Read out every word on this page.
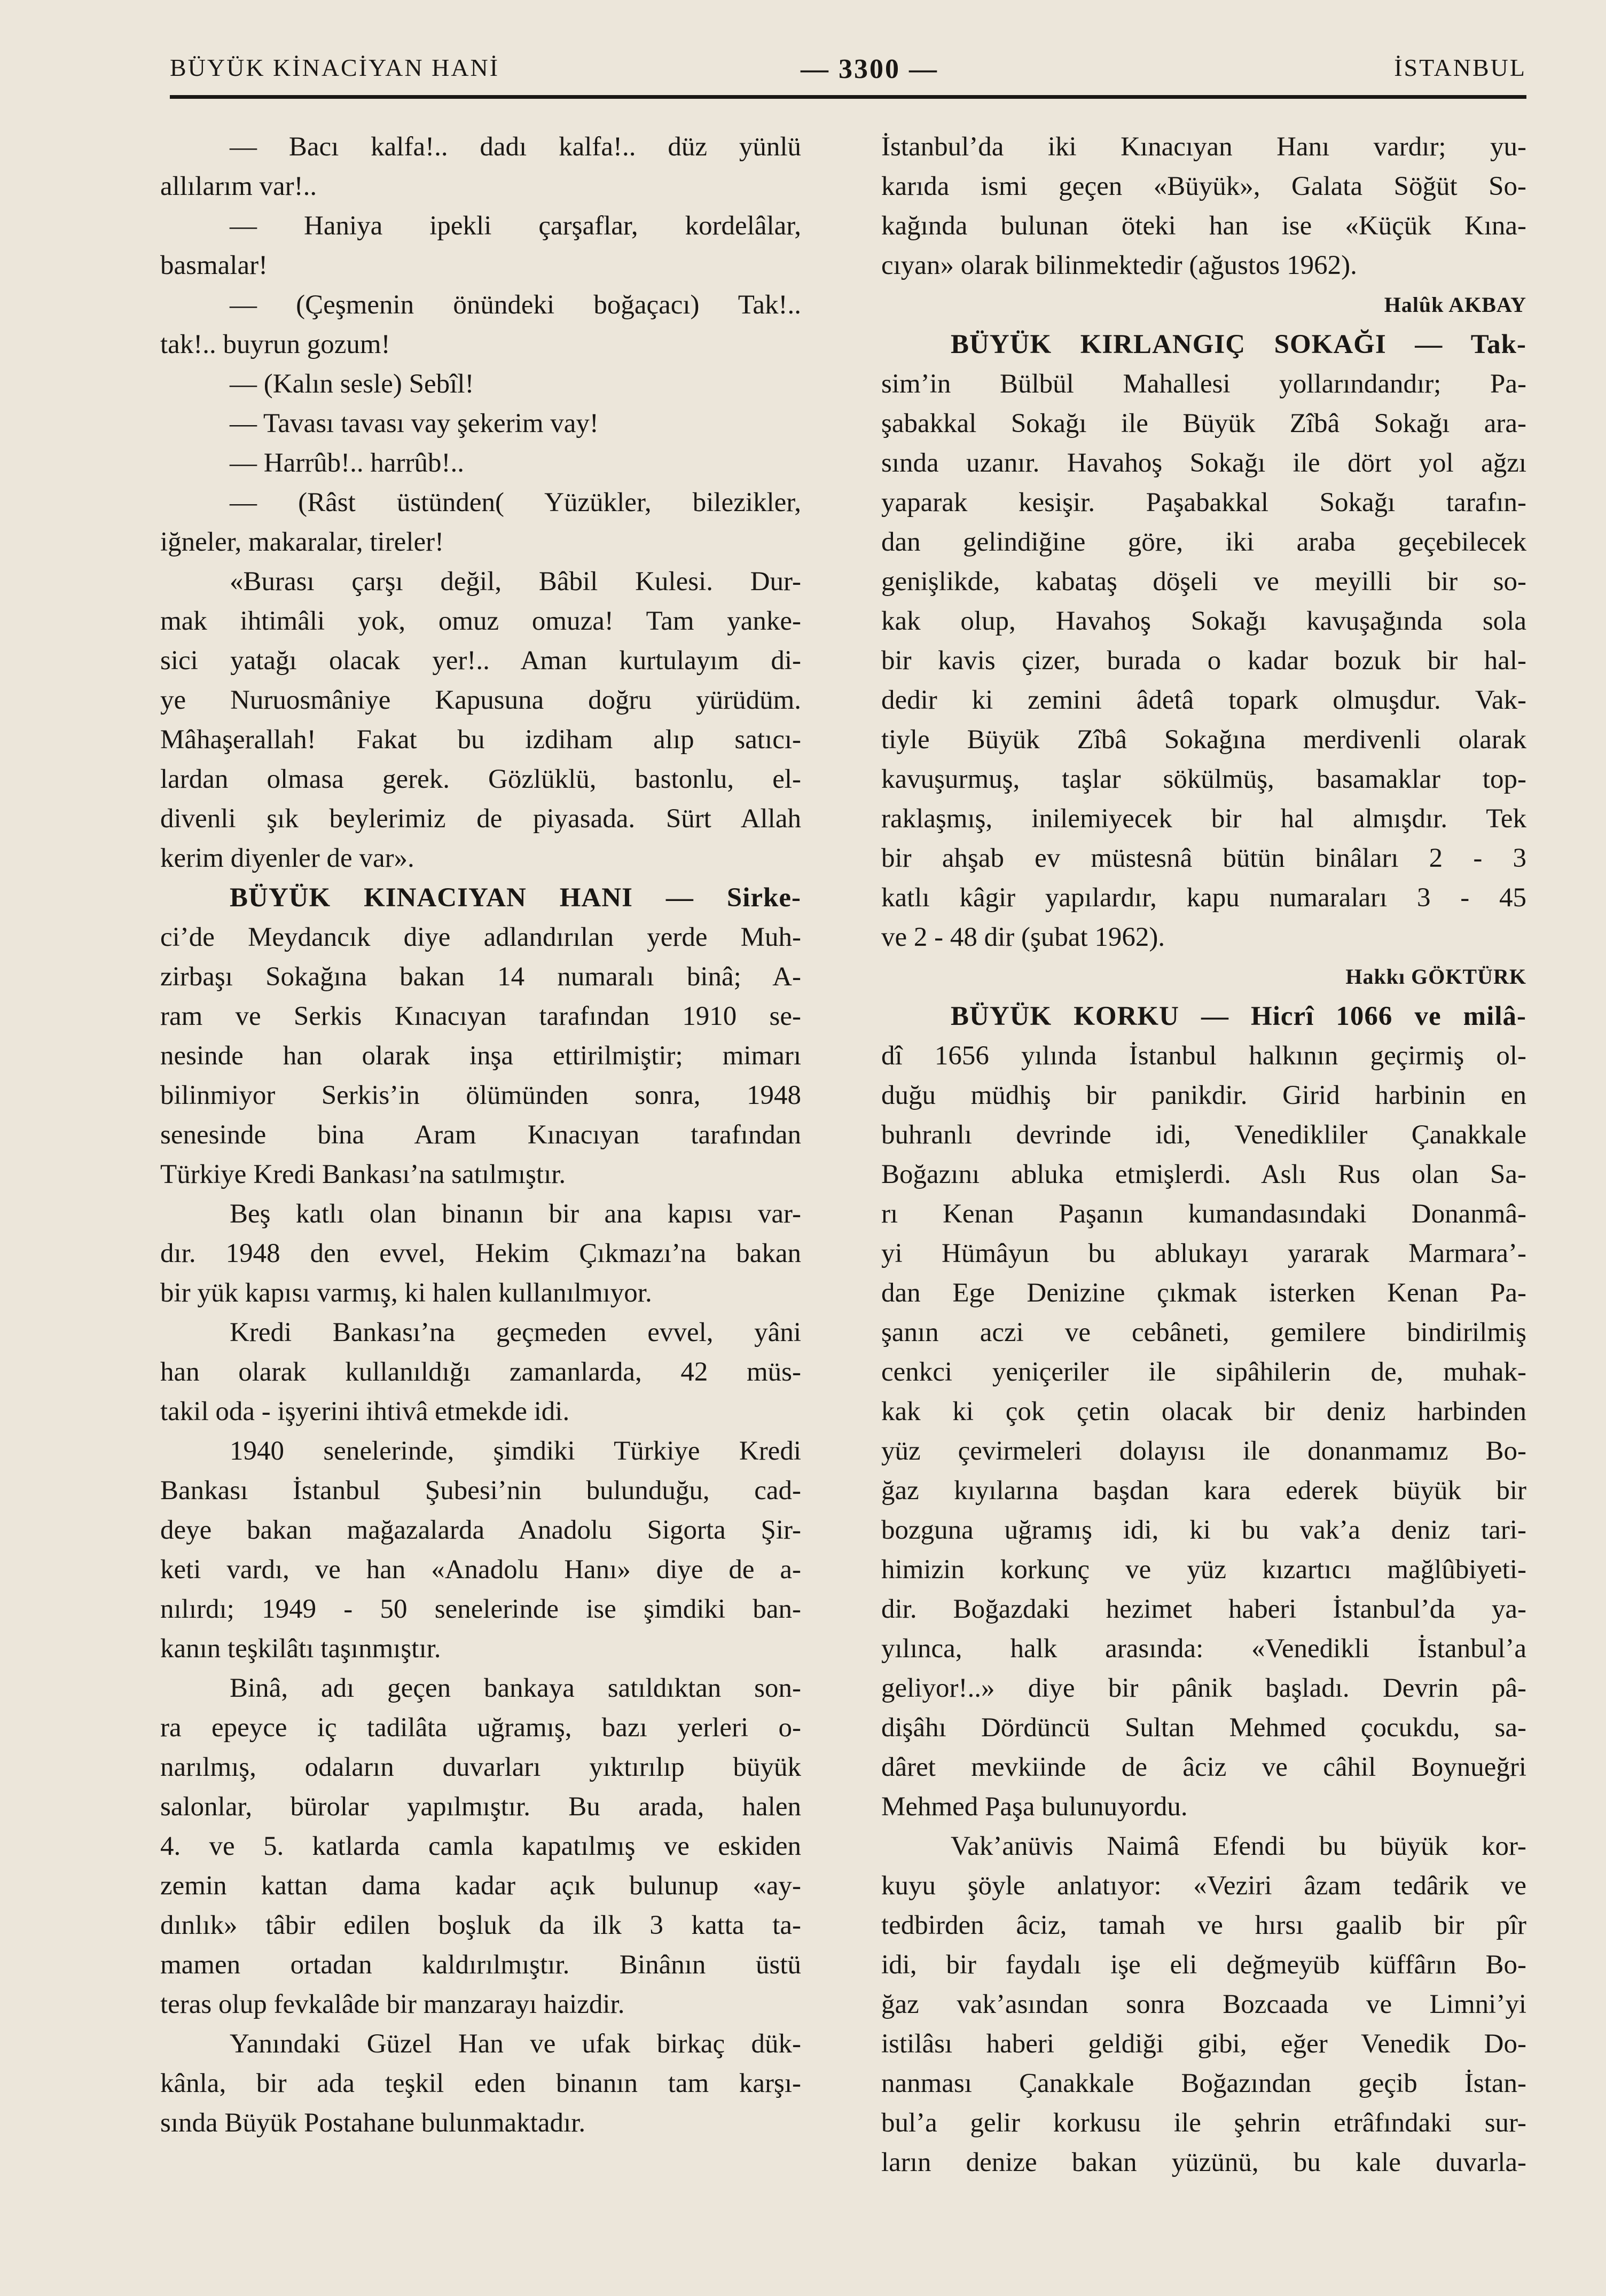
BÜYÜK KİNACİYAN HANİ	— 3300 —	İSTANBUL
— Bacı kalfa!.. dadı kalfa!.. düz yünlü
allılarım var!..
— Haniya ipekli çarşaflar, kordelâlar,
basmalar!
— (Çeşmenin önündeki boğaçacı) Tak!..
tak!.. buyrun gozum!
— (Kalın sesle) Sebîl!
— Tavası tavası vay şekerim vay!
— Harrûb!.. harrûb!..
— (Râst üstünden( Yüzükler, bilezikler,
iğneler, makaralar, tireler!
«Burası çarşı değil, Bâbil Kulesi. Dur-
mak ihtimâli yok, omuz omuza! Tam yanke-
sici yatağı olacak yer!.. Aman kurtulayım di-
ye Nuruosmâniye Kapusuna doğru yürüdüm.
Mâhaşerallah! Fakat bu izdiham alıp satıcı-
lardan olmasa gerek. Gözlüklü, bastonlu, el-
divenli şık beylerimiz de piyasada. Sürt Allah
kerim diyenler de var».
BÜYÜK KINACIYAN HANI — Sirke-
ci’de Meydancık diye adlandırılan yerde Muh-
zirbaşı Sokağına bakan 14 numaralı binâ; A-
ram ve Serkis Kınacıyan tarafından 1910 se-
nesinde han olarak inşa ettirilmiştir; mimarı
bilinmiyor Serkis’in ölümünden sonra, 1948
senesinde bina Aram Kınacıyan tarafından
Türkiye Kredi Bankası’na satılmıştır.
Beş katlı olan binanın bir ana kapısı var-
dır. 1948 den evvel, Hekim Çıkmazı’na bakan
bir yük kapısı varmış, ki halen kullanılmıyor.
Kredi Bankası’na geçmeden evvel, yâni
han olarak kullanıldığı zamanlarda, 42 müs-
takil oda - işyerini ihtivâ etmekde idi.
1940 senelerinde, şimdiki Türkiye Kredi
Bankası İstanbul Şubesi’nin bulunduğu, cad-
deye bakan mağazalarda Anadolu Sigorta Şir-
keti vardı, ve han «Anadolu Hanı» diye de a-
nılırdı; 1949 - 50 senelerinde ise şimdiki ban-
kanın teşkilâtı taşınmıştır.
Binâ, adı geçen bankaya satıldıktan son-
ra epeyce iç tadilâta uğramış, bazı yerleri o-
narılmış, odaların duvarları yıktırılıp büyük
salonlar, bürolar yapılmıştır. Bu arada, halen
4. ve 5. katlarda camla kapatılmış ve eskiden
zemin kattan dama kadar açık bulunup «ay-
dınlık» tâbir edilen boşluk da ilk 3 katta ta-
mamen ortadan kaldırılmıştır. Binânın üstü
teras olup fevkalâde bir manzarayı haizdir.
Yanındaki Güzel Han ve ufak birkaç dük-
kânla, bir ada teşkil eden binanın tam karşı-
sında Büyük Postahane bulunmaktadır.
İstanbul’da iki Kınacıyan Hanı vardır; yu-
karıda ismi geçen «Büyük», Galata Söğüt So-
kağında bulunan öteki han ise «Küçük Kına-
cıyan» olarak bilinmektedir (ağustos 1962).
Halûk AKBAY
BÜYÜK KIRLANGIÇ SOKAĞI — Tak-
sim’in Bülbül Mahallesi yollarındandır; Pa-
şabakkal Sokağı ile Büyük Zîbâ Sokağı ara-
sında uzanır. Havahoş Sokağı ile dört yol ağzı
yaparak kesişir. Paşabakkal Sokağı tarafın-
dan gelindiğine göre, iki araba geçebilecek
genişlikde, kabataş döşeli ve meyilli bir so-
kak olup, Havahoş Sokağı kavuşağında sola
bir kavis çizer, burada o kadar bozuk bir hal-
dedir ki zemini âdetâ topark olmuşdur. Vak-
tiyle Büyük Zîbâ Sokağına merdivenli olarak
kavuşurmuş, taşlar sökülmüş, basamaklar top-
raklaşmış, inilemiyecek bir hal almışdır. Tek
bir ahşab ev müstesnâ bütün binâları 2 - 3
katlı kâgir yapılardır, kapu numaraları 3 - 45
ve 2 - 48 dir (şubat 1962).
Hakkı GÖKTÜRK
BÜYÜK KORKU — Hicrî 1066 ve milâ-
dî 1656 yılında İstanbul halkının geçirmiş ol-
duğu müdhiş bir panikdir. Girid harbinin en
buhranlı devrinde idi, Venedikliler Çanakkale
Boğazını abluka etmişlerdi. Aslı Rus olan Sa-
rı Kenan Paşanın kumandasındaki Donanmâ-
yi Hümâyun bu ablukayı yararak Marmara’-
dan Ege Denizine çıkmak isterken Kenan Pa-
şanın aczi ve cebâneti, gemilere bindirilmiş
cenkci yeniçeriler ile sipâhilerin de, muhak-
kak ki çok çetin olacak bir deniz harbinden
yüz çevirmeleri dolayısı ile donanmamız Bo-
ğaz kıyılarına başdan kara ederek büyük bir
bozguna uğramış idi, ki bu vak’a deniz tari-
himizin korkunç ve yüz kızartıcı mağlûbiyeti-
dir. Boğazdaki hezimet haberi İstanbul’da ya-
yılınca, halk arasında: «Venedikli İstanbul’a
geliyor!..» diye bir pânik başladı. Devrin pâ-
dişâhı Dördüncü Sultan Mehmed çocukdu, sa-
dâret mevkiinde de âciz ve câhil Boynueğri
Mehmed Paşa bulunuyordu.
Vak’anüvis Naimâ Efendi bu büyük kor-
kuyu şöyle anlatıyor: «Veziri âzam tedârik ve
tedbirden âciz, tamah ve hırsı gaalib bir pîr
idi, bir faydalı işe eli değmeyüb küffârın Bo-
ğaz vak’asından sonra Bozcaada ve Limni’yi
istilâsı haberi geldiği gibi, eğer Venedik Do-
nanması Çanakkale Boğazından geçib İstan-
bul’a gelir korkusu ile şehrin etrâfındaki sur-
ların denize bakan yüzünü, bu kale duvarla-
